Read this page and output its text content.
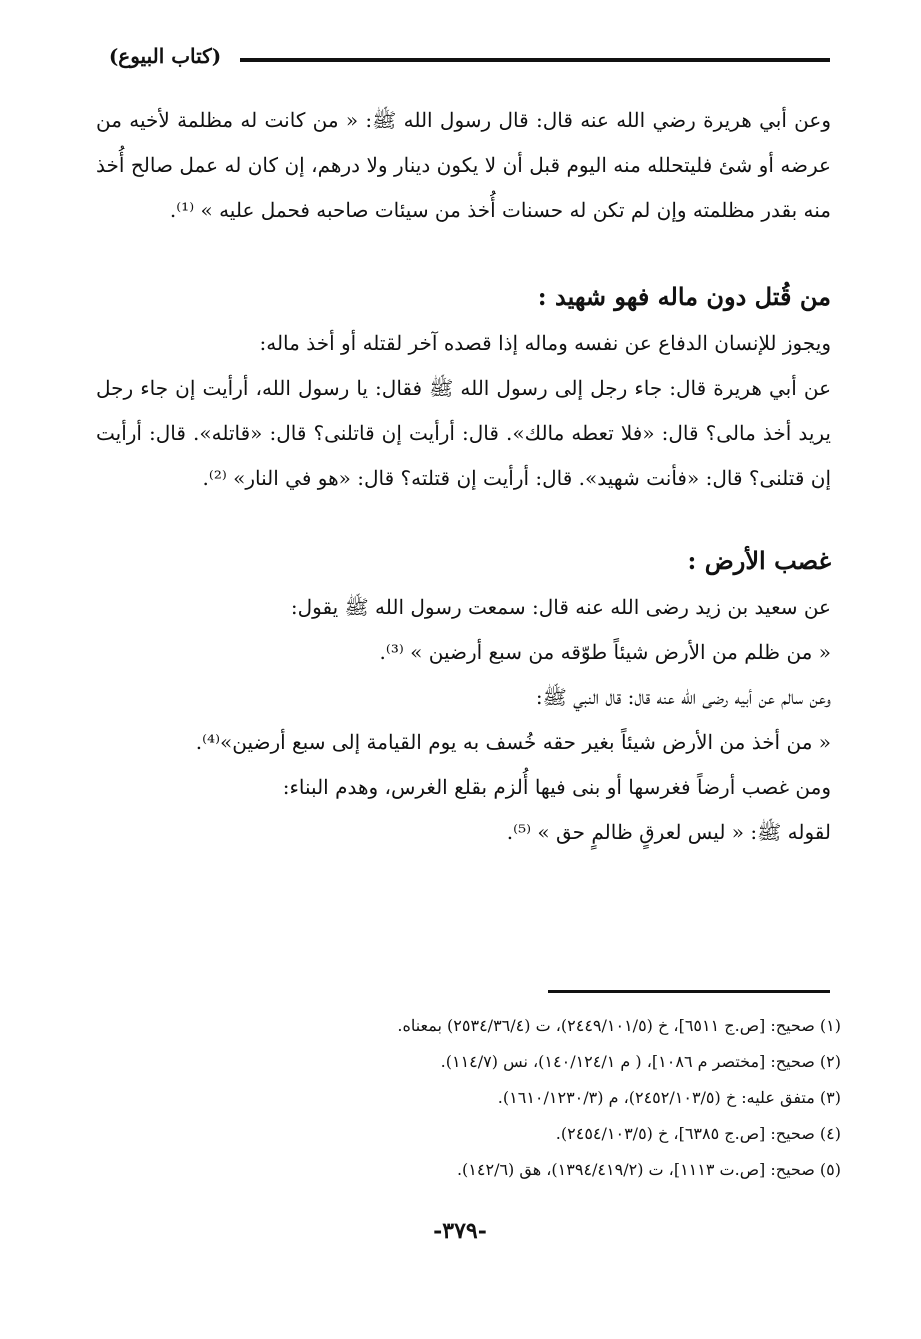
(كتاب البيوع)

وعن أبي هريرة رضي الله عنه قال: قال رسول الله ﷺ: « من كانت له مظلمة لأخيه من عرضه أو شئ فليتحلله منه اليوم قبل أن لا يكون دينار ولا درهم، إن كان له عمل صالح أُخذ منه بقدر مظلمته وإن لم تكن له حسنات أُخذ من سيئات صاحبه فحمل عليه » ⁽¹⁾.

من قُتل دون ماله فهو شهيد :

ويجوز للإنسان الدفاع عن نفسه وماله إذا قصده آخر لقتله أو أخذ ماله:

عن أبي هريرة قال: جاء رجل إلى رسول الله ﷺ فقال: يا رسول الله، أرأيت إن جاء رجل يريد أخذ مالى؟ قال: «فلا تعطه مالك». قال: أرأيت إن قاتلنى؟ قال: «قاتله». قال: أرأيت إن قتلنى؟ قال: «فأنت شهيد». قال: أرأيت إن قتلته؟ قال: «هو في النار» ⁽²⁾.

غصب الأرض :

عن سعيد بن زيد رضى الله عنه قال: سمعت رسول الله ﷺ يقول:

« من ظلم من الأرض شيئاً طوّقه من سبع أرضين » ⁽³⁾.

وعن سالم عن أبيه رضى الله عنه قال: قال النبي ﷺ:

« من أخذ من الأرض شيئاً بغير حقه خُسف به يوم القيامة إلى سبع أرضين»⁽⁴⁾.

ومن غصب أرضاً فغرسها أو بنى فيها أُلزم بقلع الغرس، وهدم البناء:

لقوله ﷺ: « ليس لعرقٍ ظالمٍ حق » ⁽⁵⁾.

(١) صحيح: [ص.ج ٦٥١١]، خ (٢٤٤٩/١٠١/٥)، ت (٢٥٣٤/٣٦/٤) بمعناه.
(٢) صحيح: [مختصر م ١٠٨٦]، ( م ١٤٠/١٢٤/١)، نس (١١٤/٧).
(٣) متفق عليه: خ (٢٤٥٢/١٠٣/٥)، م (١٦١٠/١٢٣٠/٣).
(٤) صحيح: [ص.ج ٦٣٨٥]، خ (٢٤٥٤/١٠٣/٥).
(٥) صحيح: [ص.ت ١١١٣]، ت (١٣٩٤/٤١٩/٢)، هق (١٤٢/٦).
-٣٧٩-
